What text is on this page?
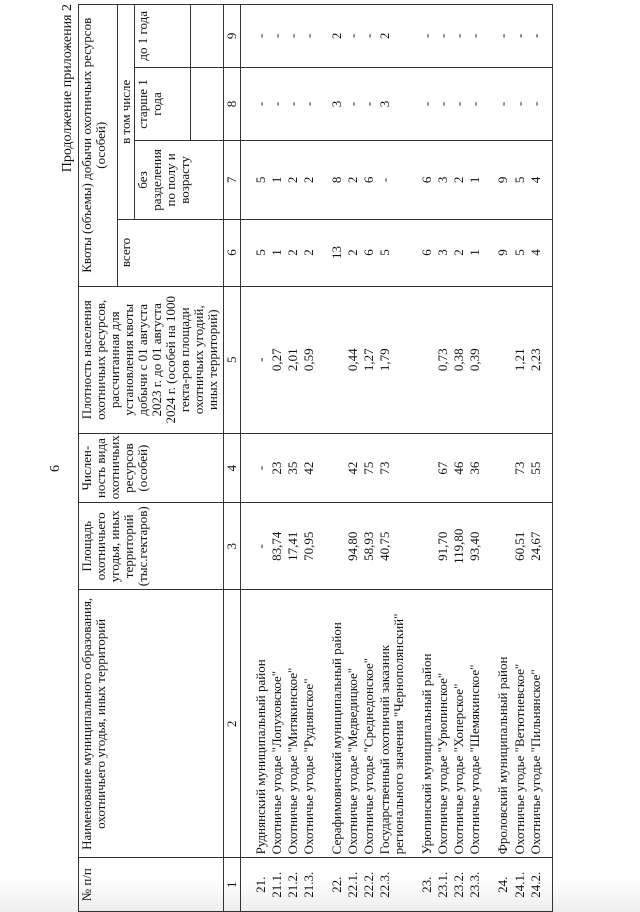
6
Продолжение приложения 2
№ п/п	Наименование муниципального образования, охотничьего угодья, иных территорий	Площадь охотничьего угодья, иных территорий (тыс.гектаров)	Числен-ность вида охотничьих ресурсов (особей)	Плотность населения охотничьих ресурсов, рассчитанная для установления квоты добычи с 01 августа 2023 г. до 01 августа 2024 г. (особей на 1000 гекта-ров площади охотничьих угодий, иных территорий)	Квоты (объемы) добычи охотничьих ресурсов (особей)			
					всего	в том числе		
						без разделения по полу и возрасту	старше 1 года	до 1 года

1	2	3	4	5	6	7	8	9

21.	Руднянский муниципальный район	-	-	-	5	5	-	-
21.1.	Охотничье угодье "Лопуховское"	83,74	23	0,27	1	1	-	-
21.2.	Охотничье угодье "Митякинское"	17,41	35	2,01	2	2	-	-
21.3.	Охотничье угодье "Руднянское"	70,95	42	0,59	2	2	-	-

22.	Серафимовичский муниципальный район				13	8	3	2
22.1.	Охотничье угодье "Медведицкое"	94,80	42	0,44	2	2	-	-
22.2.	Охотничье угодье "Среднедонское"	58,93	75	1,27	6	6	-	-
22.3.	Государственный охотничий заказник регионального значения "Чернополянский"	40,75	73	1,79	5	-	3	2

23.	Урюпинский муниципальный район				6	6	-	-
23.1.	Охотничье угодье "Урюпинское"	91,70	67	0,73	3	3	-	-
23.2.	Охотничье угодье "Хоперское"	119,80	46	0,38	2	2	-	-
23.3.	Охотничье угодье "Шемякинское"	93,40	36	0,39	1	1	-	-

24.	Фроловский муниципальный район				9	9	-	-
24.1.	Охотничье угодье "Ветютневское"	60,51	73	1,21	5	5	-	-
24.2.	Охотничье угодье "Пильнянское"	24,67	55	2,23	4	4	-	-
